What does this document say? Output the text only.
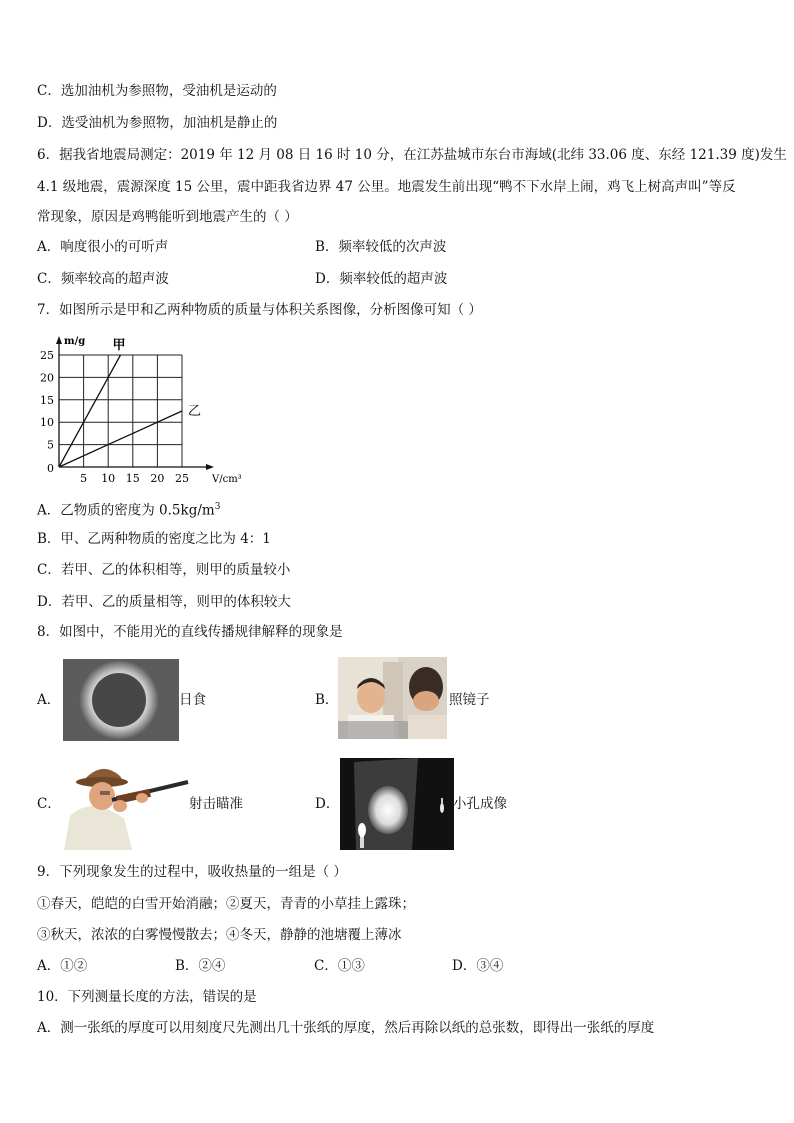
C．选加油机为参照物，受油机是运动的
D．选受油机为参照物，加油机是静止的
6．据我省地震局测定：2019 年 12 月 08 日 16 时 10 分，在江苏盐城市东台市海域(北纬 33.06 度、东经 121.39 度)发生
4.1 级地震，震源深度 15 公里，震中距我省边界 47 公里。地震发生前出现“鸭不下水岸上闹，鸡飞上树高声叫”等反
常现象，原因是鸡鸭能听到地震产生的（ ）
A．响度很小的可听声	B．频率较低的次声波
C．频率较高的超声波	D．频率较低的超声波
7．如图所示是甲和乙两种物质的质量与体积关系图像，分析图像可知（ ）
5 10 15 20 25
5
10
15
20
25
0
m/g
V/cm³
甲
乙
A．乙物质的密度为 $0.5kg/m^3$
B．甲、乙两种物质的密度之比为 4：1
C．若甲、乙的体积相等，则甲的质量较小
D．若甲、乙的质量相等，则甲的体积较大
8．如图中，不能用光的直线传播规律解释的现象是
A．	日食	B．	照镜子
C．	射击瞄准	D．	小孔成像
9．下列现象发生的过程中，吸收热量的一组是（ ）
①春天，皑皑的白雪开始消融；②夏天，青青的小草挂上露珠；
③秋天，浓浓的白雾慢慢散去；④冬天，静静的池塘覆上薄冰
A．①②	B．②④	C．①③	D．③④
10．下列测量长度的方法，错误的是
A．测一张纸的厚度可以用刻度尺先测出几十张纸的厚度，然后再除以纸的总张数，即得出一张纸的厚度
